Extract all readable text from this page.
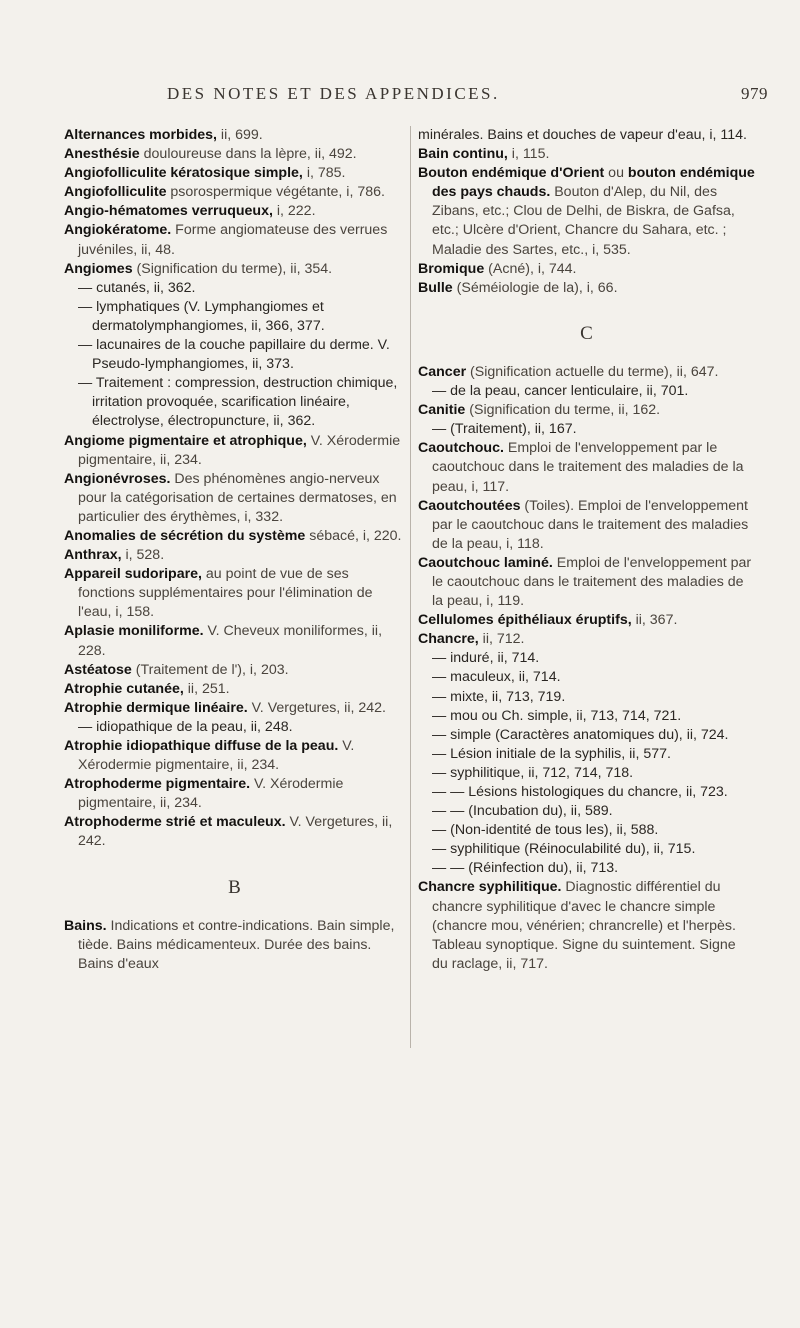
DES NOTES ET DES APPENDICES.	979

Alternances morbides, ii, 699.

Anesthésie douloureuse dans la lèpre, ii, 492.

Angiofolliculite kératosique simple, i, 785.

Angiofolliculite psorospermique végétante, i, 786.

Angio-hématomes verruqueux, i, 222.

Angiokératome. Forme angiomateuse des verrues juvéniles, ii, 48.

Angiomes (Signification du terme), ii, 354.

— cutanés, ii, 362.

— lymphatiques (V. Lymphangiomes et dermatolymphangiomes, ii, 366, 377.

— lacunaires de la couche papillaire du derme. V. Pseudo-lymphangiomes, ii, 373.

— Traitement : compression, destruction chimique, irritation provoquée, scarification linéaire, électrolyse, électropuncture, ii, 362.

Angiome pigmentaire et atrophique, V. Xérodermie pigmentaire, ii, 234.

Angionévroses. Des phénomènes angio-nerveux pour la catégorisation de certaines dermatoses, en particulier des érythèmes, i, 332.

Anomalies de sécrétion du système sébacé, i, 220.

Anthrax, i, 528.

Appareil sudoripare, au point de vue de ses fonctions supplémentaires pour l'élimination de l'eau, i, 158.

Aplasie moniliforme. V. Cheveux moniliformes, ii, 228.

Astéatose (Traitement de l'), i, 203.

Atrophie cutanée, ii, 251.

Atrophie dermique linéaire. V. Vergetures, ii, 242.

— idiopathique de la peau, ii, 248.

Atrophie idiopathique diffuse de la peau. V. Xérodermie pigmentaire, ii, 234.

Atrophoderme pigmentaire. V. Xérodermie pigmentaire, ii, 234.

Atrophoderme strié et maculeux. V. Vergetures, ii, 242.

B

Bains. Indications et contre-indications. Bain simple, tiède. Bains médicamenteux. Durée des bains. Bains d'eaux

minérales. Bains et douches de vapeur d'eau, i, 114.

Bain continu, i, 115.

Bouton endémique d'Orient ou bouton endémique des pays chauds. Bouton d'Alep, du Nil, des Zibans, etc.; Clou de Delhi, de Biskra, de Gafsa, etc.; Ulcère d'Orient, Chancre du Sahara, etc. ; Maladie des Sartes, etc., i, 535.

Bromique (Acné), i, 744.

Bulle (Séméiologie de la), i, 66.

C

Cancer (Signification actuelle du terme), ii, 647.

— de la peau, cancer lenticulaire, ii, 701.

Canitie (Signification du terme, ii, 162.

— (Traitement), ii, 167.

Caoutchouc. Emploi de l'enveloppement par le caoutchouc dans le traitement des maladies de la peau, i, 117.

Caoutchoutées (Toiles). Emploi de l'enveloppement par le caoutchouc dans le traitement des maladies de la peau, i, 118.

Caoutchouc laminé. Emploi de l'enveloppement par le caoutchouc dans le traitement des maladies de la peau, i, 119.

Cellulomes épithéliaux éruptifs, ii, 367.

Chancre, ii, 712.

— induré, ii, 714.

— maculeux, ii, 714.

— mixte, ii, 713, 719.

— mou ou Ch. simple, ii, 713, 714, 721.

— simple (Caractères anatomiques du), ii, 724.

— Lésion initiale de la syphilis, ii, 577.

— syphilitique, ii, 712, 714, 718.

— — Lésions histologiques du chancre, ii, 723.

— — (Incubation du), ii, 589.

— (Non-identité de tous les), ii, 588.

— syphilitique (Réinoculabilité du), ii, 715.

— — (Réinfection du), ii, 713.

Chancre syphilitique. Diagnostic différentiel du chancre syphilitique d'avec le chancre simple (chancre mou, vénérien; chrancrelle) et l'herpès. Tableau synoptique. Signe du suintement. Signe du raclage, ii, 717.
